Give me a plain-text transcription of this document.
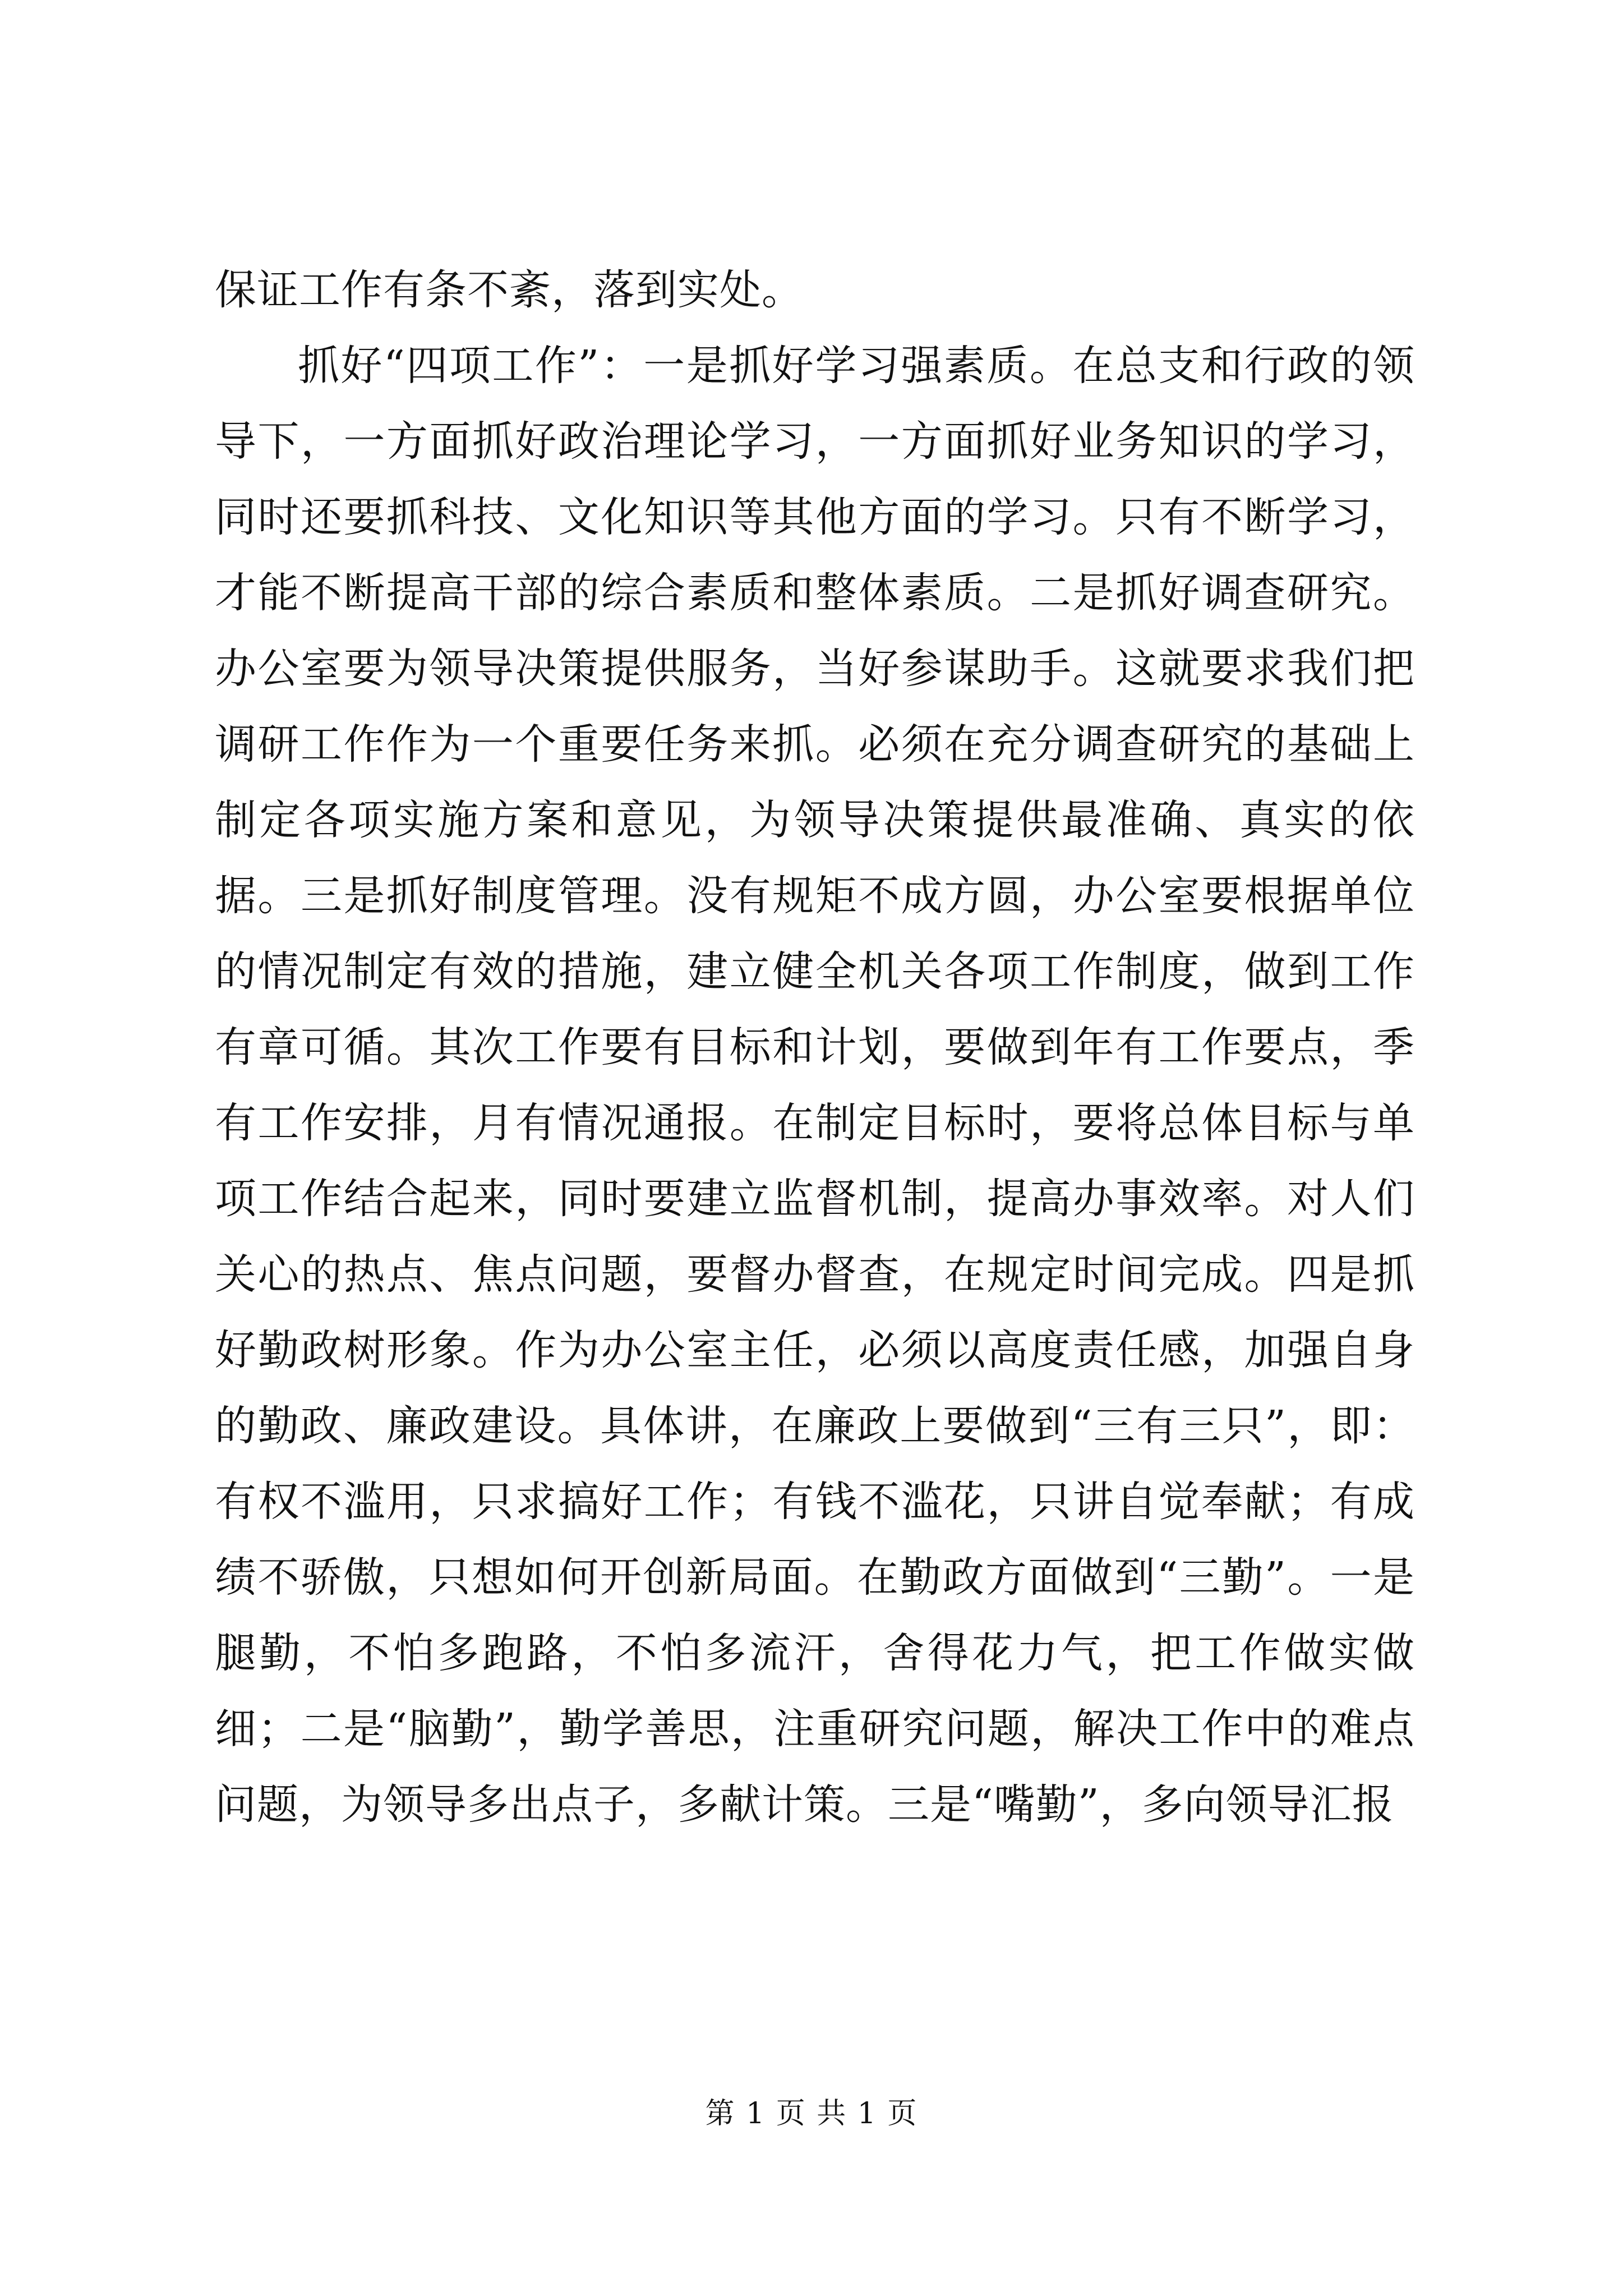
保证工作有条不紊，落到实处。

抓好“四项工作”：一是抓好学习强素质。在总支和行政的领导下，一方面抓好政治理论学习，一方面抓好业务知识的学习，同时还要抓科技、文化知识等其他方面的学习。只有不断学习，才能不断提高干部的综合素质和整体素质。二是抓好调查研究。办公室要为领导决策提供服务，当好参谋助手。这就要求我们把调研工作作为一个重要任务来抓。必须在充分调查研究的基础上制定各项实施方案和意见，为领导决策提供最准确、真实的依据。三是抓好制度管理。没有规矩不成方圆，办公室要根据单位的情况制定有效的措施，建立健全机关各项工作制度，做到工作有章可循。其次工作要有目标和计划，要做到年有工作要点，季有工作安排，月有情况通报。在制定目标时，要将总体目标与单项工作结合起来，同时要建立监督机制，提高办事效率。对人们关心的热点、焦点问题，要督办督查，在规定时间完成。四是抓好勤政树形象。作为办公室主任，必须以高度责任感，加强自身的勤政、廉政建设。具体讲，在廉政上要做到“三有三只”，即：有权不滥用，只求搞好工作；有钱不滥花，只讲自觉奉献；有成绩不骄傲，只想如何开创新局面。在勤政方面做到“三勤”。一是腿勤，不怕多跑路，不怕多流汗，舍得花力气，把工作做实做细；二是“脑勤”，勤学善思，注重研究问题，解决工作中的难点问题，为领导多出点子，多献计策。三是“嘴勤”，多向领导汇报

第 1 页 共 1 页
